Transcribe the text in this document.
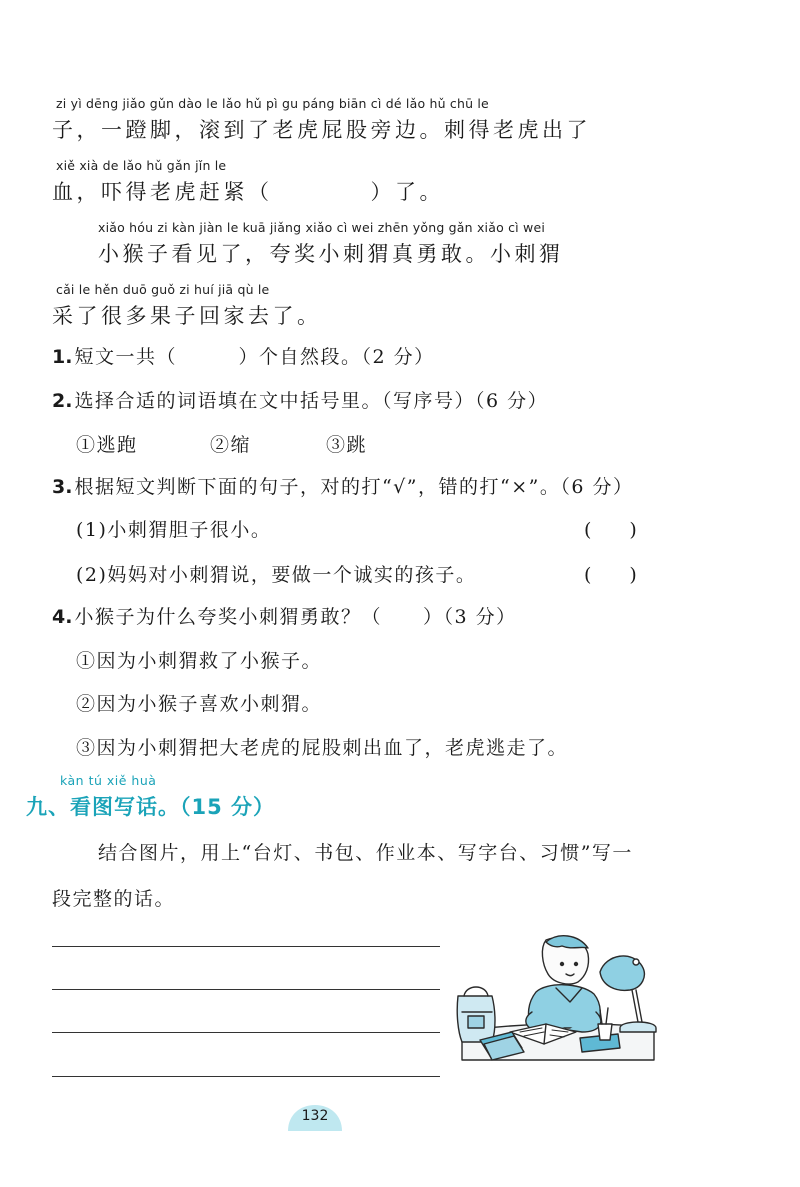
zi yì dēng jiǎo gǔn dào le lǎo hǔ pì gu páng biān cì dé lǎo hǔ chū le
子，一蹬脚，滚到了老虎屁股旁边。刺得老虎出了
xiě xià de lǎo hǔ gǎn jǐn le
血，吓得老虎赶紧（　　　　）了。
xiǎo hóu zi kàn jiàn le kuā jiǎng xiǎo cì wei zhēn yǒng gǎn xiǎo cì wei
小猴子看见了，夸奖小刺猬真勇敢。小刺猬
cǎi le hěn duō guǒ zi huí jiā qù le
采了很多果子回家去了。
1. 短文一共（　　　）个自然段。（2 分）
2. 选择合适的词语填在文中括号里。（写序号）（6 分）
①逃跑	②缩	③跳
3. 根据短文判断下面的句子，对的打“√”，错的打“×”。（6 分）
(1)小刺猬胆子很小。	(　　)
(2)妈妈对小刺猬说，要做一个诚实的孩子。	(　　)
4. 小猴子为什么夸奖小刺猬勇敢？（　　）（3 分）
①因为小刺猬救了小猴子。
②因为小猴子喜欢小刺猬。
③因为小刺猬把大老虎的屁股刺出血了，老虎逃走了。
kàn tú xiě huà
九、看图写话。（15 分）
结合图片，用上“台灯、书包、作业本、写字台、习惯”写一
段完整的话。
132
